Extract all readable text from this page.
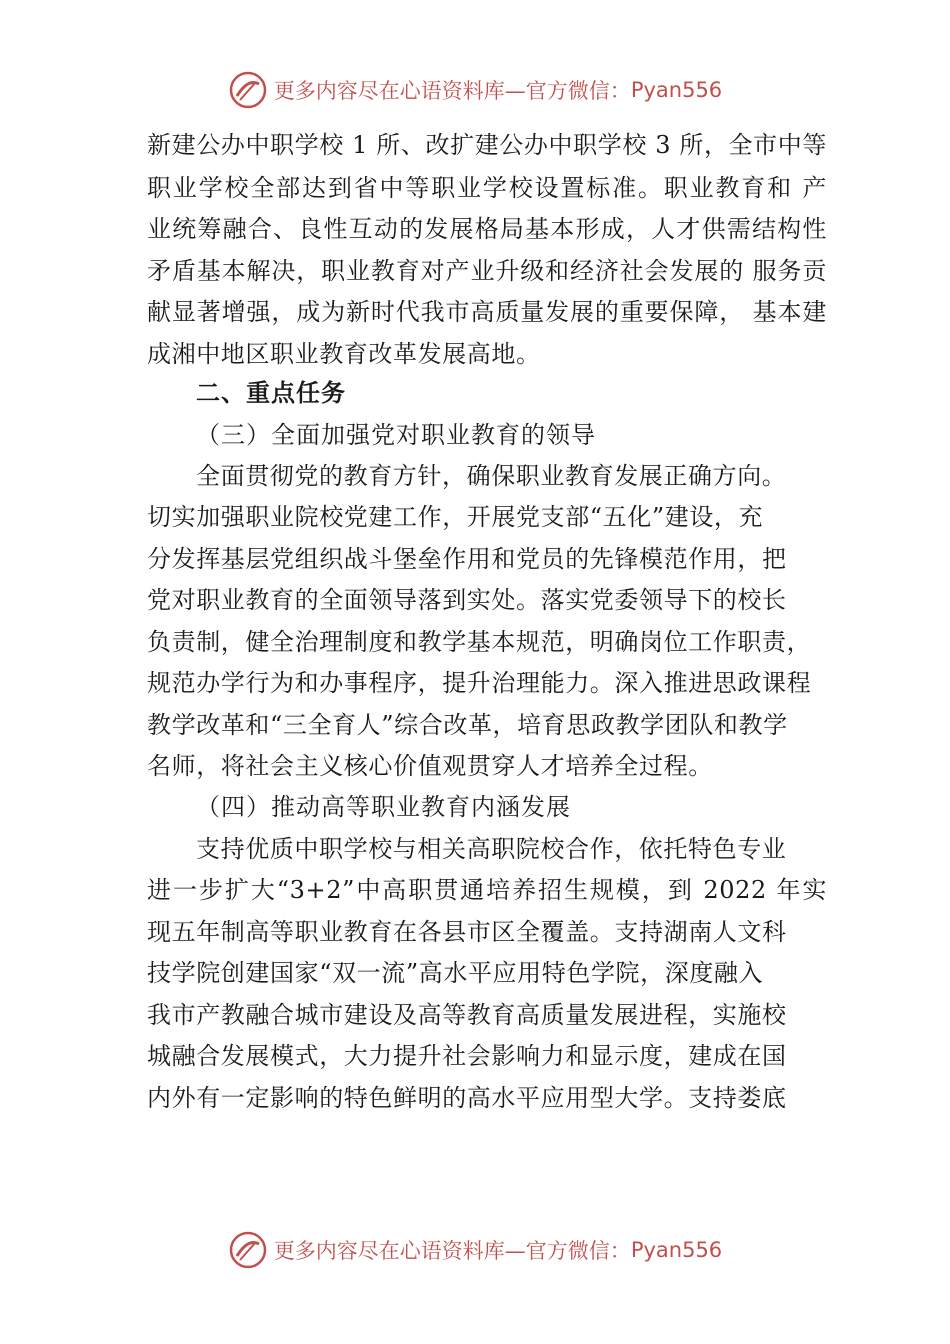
更多内容尽在心语资料库—官方微信： Pyan556
新建公办中职学校 1 所、改扩建公办中职学校 3 所，全市中等
职业学校全部达到省中等职业学校设置标准。职业教育和 产
业统筹融合、良性互动的发展格局基本形成，人才供需结构性
矛盾基本解决，职业教育对产业升级和经济社会发展的 服务贡
献显著增强，成为新时代我市高质量发展的重要保障， 基本建
成湘中地区职业教育改革发展高地。
二、重点任务
（三）全面加强党对职业教育的领导
全面贯彻党的教育方针，确保职业教育发展正确方向。
切实加强职业院校党建工作，开展党支部“五化”建设，充
分发挥基层党组织战斗堡垒作用和党员的先锋模范作用，把
党对职业教育的全面领导落到实处。落实党委领导下的校长
负责制，健全治理制度和教学基本规范，明确岗位工作职责，
规范办学行为和办事程序，提升治理能力。深入推进思政课程
教学改革和“三全育人”综合改革，培育思政教学团队和教学
名师，将社会主义核心价值观贯穿人才培养全过程。
（四）推动高等职业教育内涵发展
支持优质中职学校与相关高职院校合作，依托特色专业
进一步扩大“3+2”中高职贯通培养招生规模，到 2022 年实
现五年制高等职业教育在各县市区全覆盖。支持湖南人文科
技学院创建国家“双一流”高水平应用特色学院，深度融入
我市产教融合城市建设及高等教育高质量发展进程，实施校
城融合发展模式，大力提升社会影响力和显示度，建成在国
内外有一定影响的特色鲜明的高水平应用型大学。支持娄底
更多内容尽在心语资料库—官方微信： Pyan556
